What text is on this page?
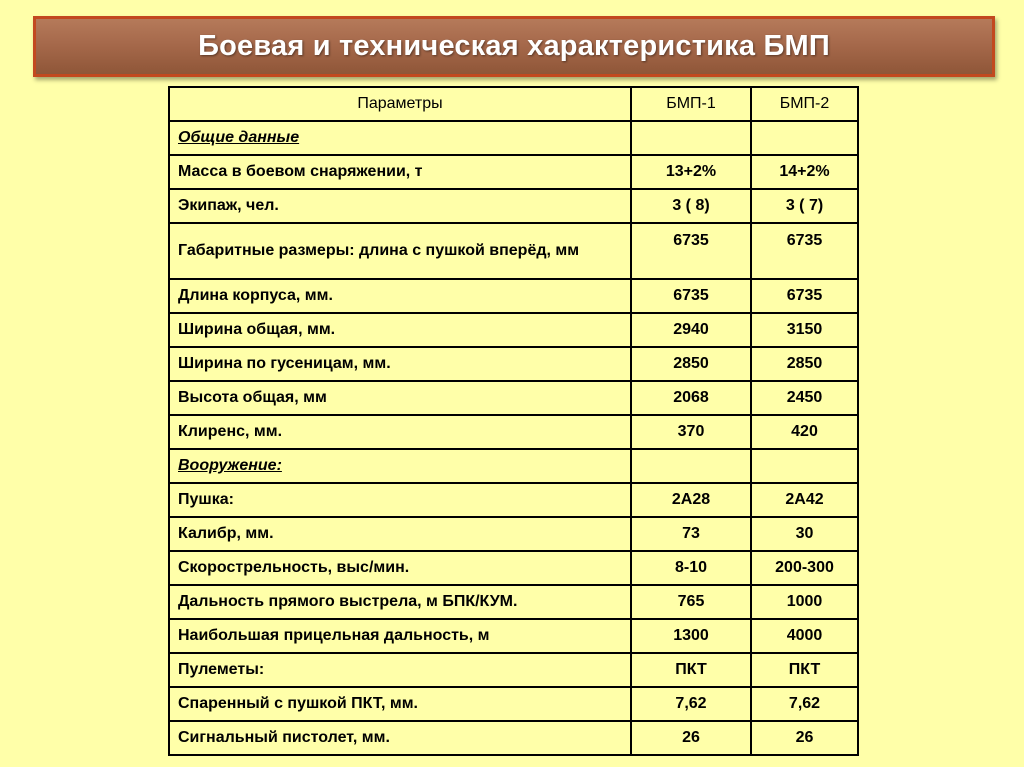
Боевая и техническая характеристика БМП
Параметры	БМП-1	БМП-2
Общие данные		
Масса в боевом снаряжении, т	13+2%	14+2%
Экипаж, чел.	3 ( 8)	3 ( 7)
Габаритные размеры: длина с пушкой вперёд, мм	6735	6735
Длина корпуса, мм.	6735	6735
Ширина общая, мм.	2940	3150
Ширина по гусеницам, мм.	2850	2850
Высота общая, мм	2068	2450
Клиренс, мм.	370	420
Вооружение:		
Пушка:	2А28	2А42
Калибр, мм.	73	30
Скорострельность, выс/мин.	8-10	200-300
Дальность прямого выстрела, м БПК/КУМ.	765	1000
Наибольшая прицельная дальность, м	1300	4000
Пулеметы:	ПКТ	ПКТ
Спаренный с пушкой ПКТ, мм.	7,62	7,62
Сигнальный пистолет, мм.	26	26
